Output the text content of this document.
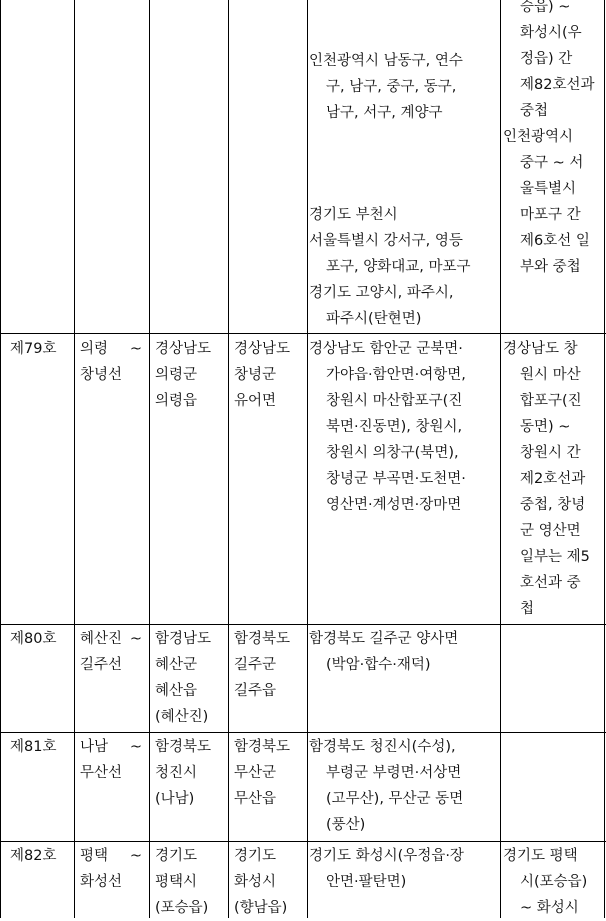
인천광역시 남동구, 연수
구, 남구, 중구, 동구,
남구, 서구, 계양구
경기도 부천시
서울특별시 강서구, 영등
포구, 양화대교, 마포구
경기도 고양시, 파주시,
파주시(탄현면)
승읍) ~
화성시(우
정읍) 간
제82호선과
중첩
인천광역시
중구 ~ 서
울특별시
마포구 간
제6호선 일
부와 중첩
제79호 의령 ~
창녕선
경상남도
의령군
의령읍
경상남도
창녕군
유어면
경상남도 함안군 군북면·
가야읍·함안면·여항면,
창원시 마산합포구(진
북면·진동면), 창원시,
창원시 의창구(북면),
창녕군 부곡면·도천면·
영산면·계성면·장마면
경상남도 창
원시 마산
합포구(진
동면) ~
창원시 간
제2호선과
중첩, 창녕
군 영산면
일부는 제5
호선과 중
첩
제80호 혜산진 ~
길주선
함경남도
혜산군
혜산읍
(혜산진)
함경북도
길주군
길주읍
함경북도 길주군 양사면
(박암·합수·재덕)
제81호 나남 ~
무산선
함경북도
청진시
(나남)
함경북도
무산군
무산읍
함경북도 청진시(수성),
부령군 부령면·서상면
(고무산), 무산군 동면
(풍산)
제82호 평택 ~
화성선
경기도
평택시
(포승읍)
경기도
화성시
(향남읍)
경기도 화성시(우정읍·장
안면·팔탄면)
경기도 평택
시(포승읍)
~ 화성시
